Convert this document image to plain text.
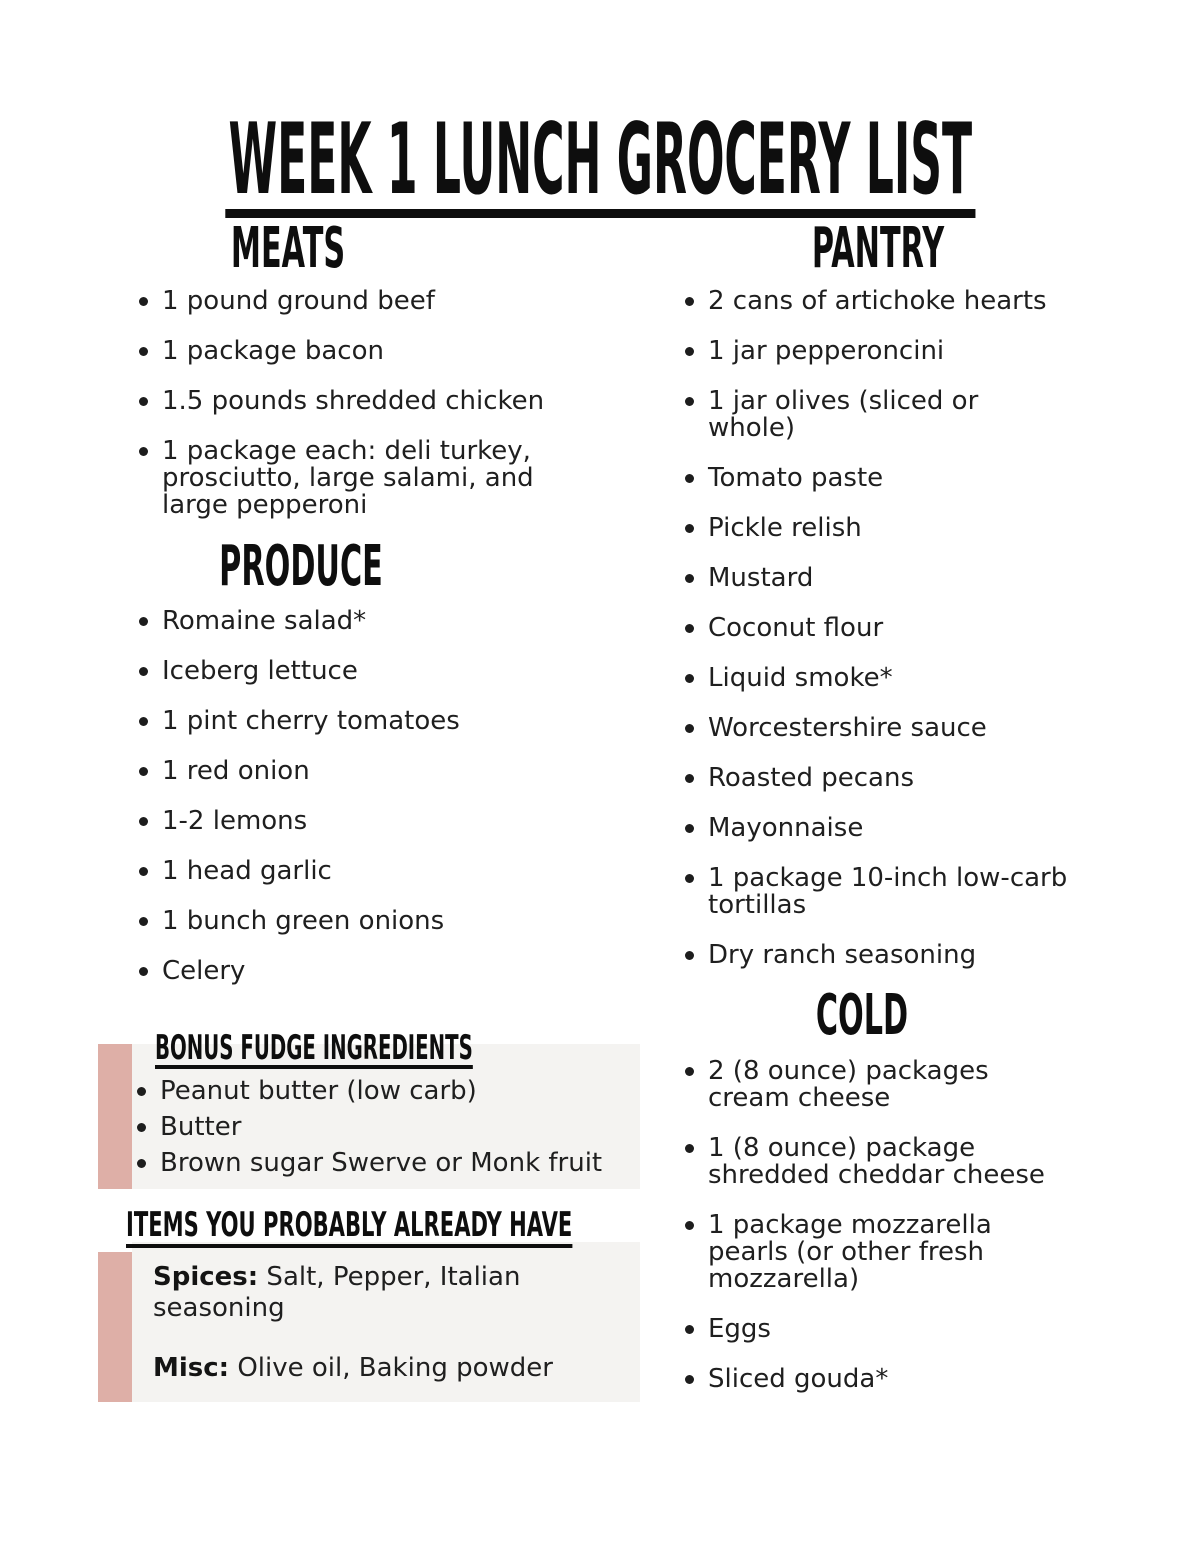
WEEK 1 LUNCH GROCERY LIST
MEATS
PRODUCE
PANTRY
COLD
1 pound ground beef
1 package bacon
1.5 pounds shredded chicken
1 package each: deli turkey, prosciutto, large salami, and large pepperoni
Romaine salad*
Iceberg lettuce
1 pint cherry tomatoes
1 red onion
1-2 lemons
1 head garlic
1 bunch green onions
Celery
2 cans of artichoke hearts
1 jar pepperoncini
1 jar olives (sliced or whole)
Tomato paste
Pickle relish
Mustard
Coconut flour
Liquid smoke*
Worcestershire sauce
Roasted pecans
Mayonnaise
1 package 10-inch low-carb tortillas
Dry ranch seasoning
2 (8 ounce) packages cream cheese
1 (8 ounce) package shredded cheddar cheese
1 package mozzarella pearls (or other fresh mozzarella)
Eggs
Sliced gouda*
BONUS FUDGE INGREDIENTS
Peanut butter (low carb)
Butter
Brown sugar Swerve or Monk fruit
ITEMS YOU PROBABLY ALREADY HAVE

Spices: Salt, Pepper, Italian seasoning

Misc: Olive oil, Baking powder
